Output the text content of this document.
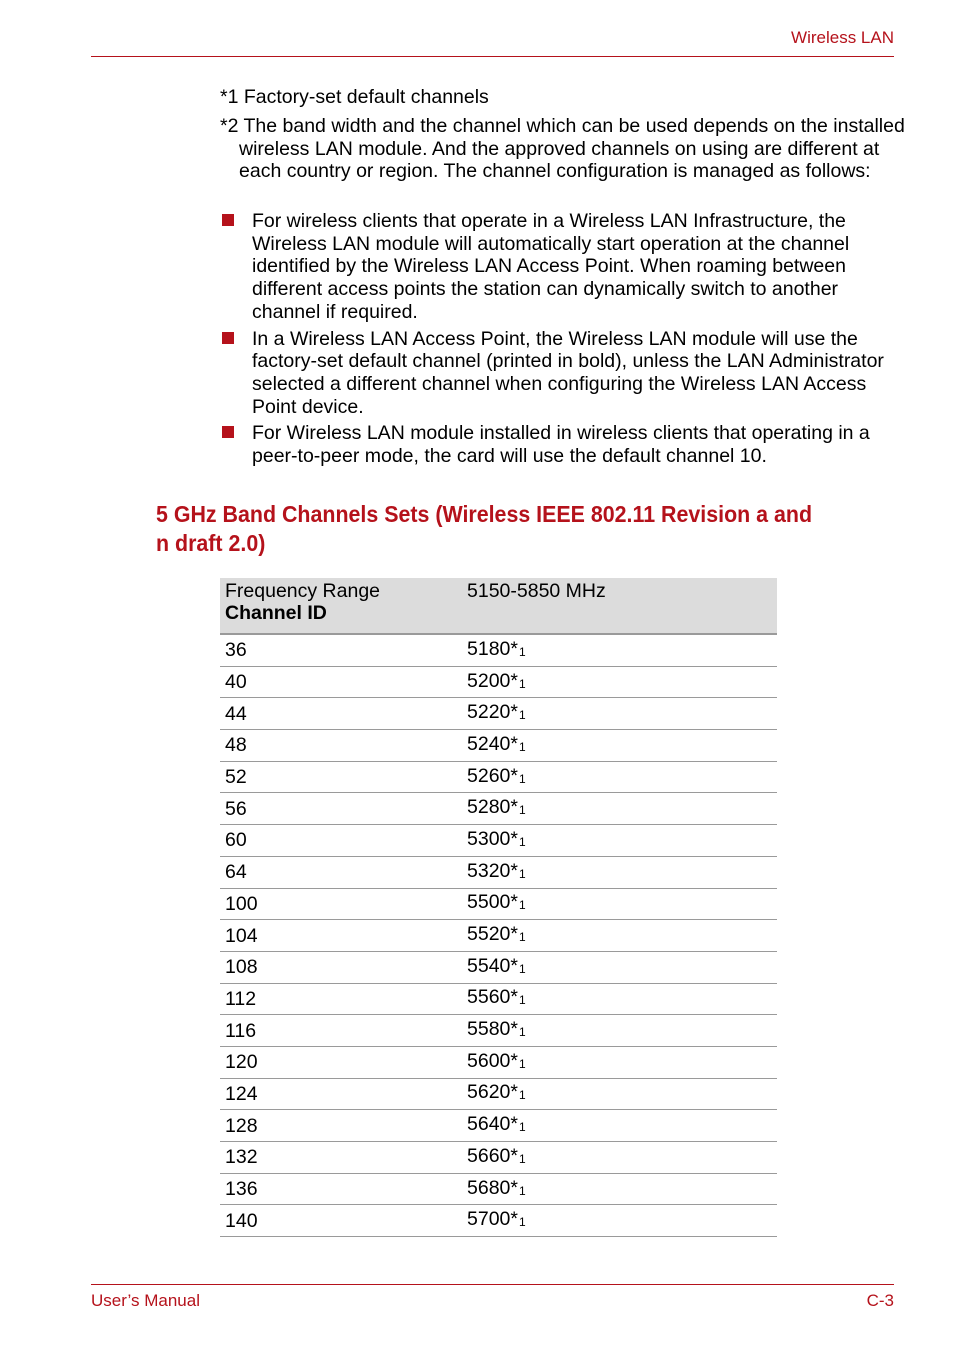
Wireless LAN
*1 Factory-set default channels
*2 The band width and the channel which can be used depends on the installed wireless LAN module. And the approved channels on using are different at each country or region. The channel configuration is managed as follows:
For wireless clients that operate in a Wireless LAN Infrastructure, the Wireless LAN module will automatically start operation at the channel identified by the Wireless LAN Access Point. When roaming between different access points the station can dynamically switch to another channel if required.
In a Wireless LAN Access Point, the Wireless LAN module will use the factory-set default channel (printed in bold), unless the LAN Administrator selected a different channel when configuring the Wireless LAN Access Point device.
For Wireless LAN module installed in wireless clients that operating in a peer-to-peer mode, the card will use the default channel 10.
5 GHz Band Channels Sets (Wireless IEEE 802.11 Revision a and n draft 2.0)
Frequency Range
Channel ID	5150-5850 MHz

36	5180*$^1$
40	5200*$^1$
44	5220*$^1$
48	5240*$^1$
52	5260*$^1$
56	5280*$^1$
60	5300*$^1$
64	5320*$^1$
100	5500*$^1$
104	5520*$^1$
108	5540*$^1$
112	5560*$^1$
116	5580*$^1$
120	5600*$^1$
124	5620*$^1$
128	5640*$^1$
132	5660*$^1$
136	5680*$^1$
140	5700*$^1$
User’s Manual	C-3
